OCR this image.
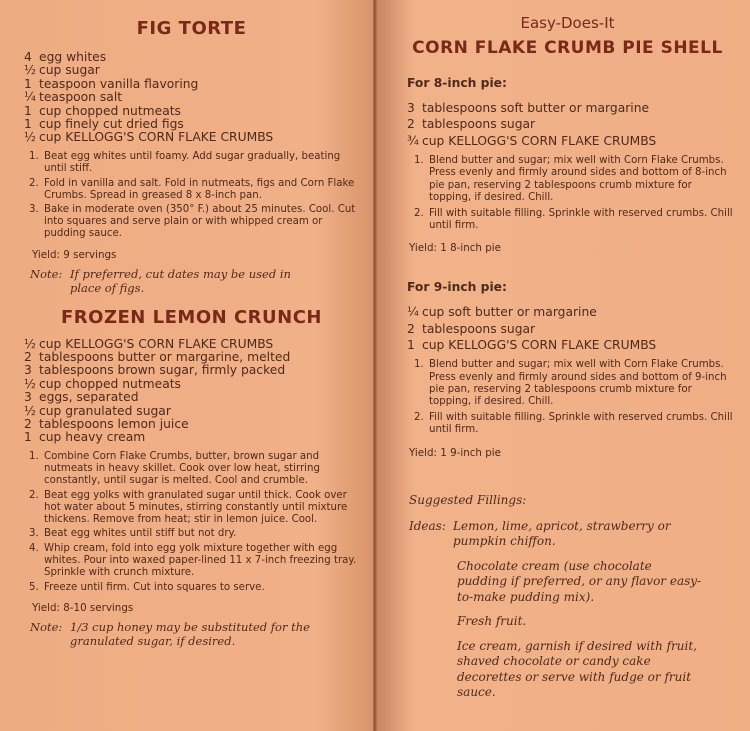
FIG TORTE
4 egg whites
½ cup sugar
1 teaspoon vanilla flavoring
¼ teaspoon salt
1 cup chopped nutmeats
1 cup finely cut dried figs
½ cup KELLOGG'S CORN FLAKE CRUMBS
1. Beat egg whites until foamy. Add sugar gradually, beating until stiff.
2. Fold in vanilla and salt. Fold in nutmeats, figs and Corn Flake Crumbs. Spread in greased 8 x 8-inch pan.
3. Bake in moderate oven (350° F.) about 25 minutes. Cool. Cut into squares and serve plain or with whipped cream or pudding sauce.
Yield: 9 servings
Note: If preferred, cut dates may be used in place of figs.
FROZEN LEMON CRUNCH
½ cup KELLOGG'S CORN FLAKE CRUMBS
2 tablespoons butter or margarine, melted
3 tablespoons brown sugar, firmly packed
½ cup chopped nutmeats
3 eggs, separated
½ cup granulated sugar
2 tablespoons lemon juice
1 cup heavy cream
1. Combine Corn Flake Crumbs, butter, brown sugar and nutmeats in heavy skillet. Cook over low heat, stirring constantly, until sugar is melted. Cool and crumble.
2. Beat egg yolks with granulated sugar until thick. Cook over hot water about 5 minutes, stirring constantly until mixture thickens. Remove from heat; stir in lemon juice. Cool.
3. Beat egg whites until stiff but not dry.
4. Whip cream, fold into egg yolk mixture together with egg whites. Pour into waxed paper-lined 11 x 7-inch freezing tray. Sprinkle with crunch mixture.
5. Freeze until firm. Cut into squares to serve.
Yield: 8-10 servings
Note: 1/3 cup honey may be substituted for the granulated sugar, if desired.
Easy-Does-It
CORN FLAKE CRUMB PIE SHELL
For 8-inch pie:
3 tablespoons soft butter or margarine
2 tablespoons sugar
¾ cup KELLOGG'S CORN FLAKE CRUMBS
1. Blend butter and sugar; mix well with Corn Flake Crumbs. Press evenly and firmly around sides and bottom of 8-inch pie pan, reserving 2 tablespoons crumb mixture for topping, if desired. Chill.
2. Fill with suitable filling. Sprinkle with reserved crumbs. Chill until firm.
Yield: 1 8-inch pie
For 9-inch pie:
¼ cup soft butter or margarine
2 tablespoons sugar
1 cup KELLOGG'S CORN FLAKE CRUMBS
1. Blend butter and sugar; mix well with Corn Flake Crumbs. Press evenly and firmly around sides and bottom of 9-inch pie pan, reserving 2 tablespoons crumb mixture for topping, if desired. Chill.
2. Fill with suitable filling. Sprinkle with reserved crumbs. Chill until firm.
Yield: 1 9-inch pie
Suggested Fillings:
Ideas: Lemon, lime, apricot, strawberry or pumpkin chiffon.

Chocolate cream (use chocolate pudding if preferred, or any flavor easy-to-make pudding mix).

Fresh fruit.

Ice cream, garnish if desired with fruit, shaved chocolate or candy cake decorettes or serve with fudge or fruit sauce.
